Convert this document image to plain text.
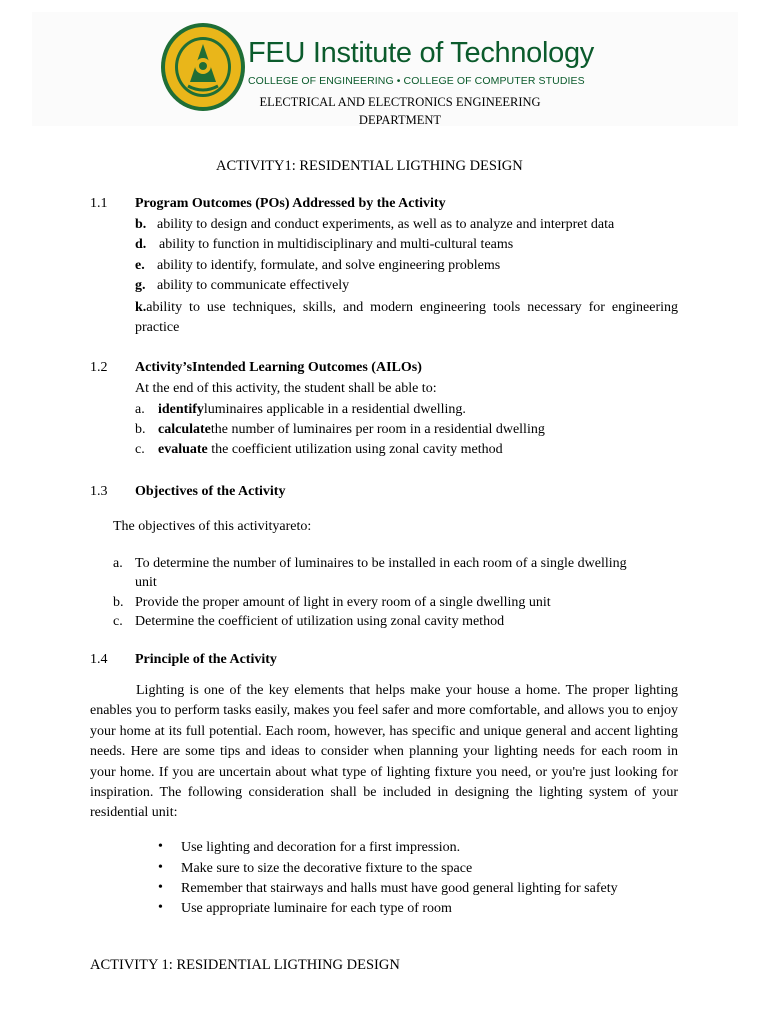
FEU Institute of Technology
COLLEGE OF ENGINEERING • COLLEGE OF COMPUTER STUDIES
ELECTRICAL AND ELECTRONICS ENGINEERING
DEPARTMENT
ACTIVITY1: RESIDENTIAL LIGTHING DESIGN
1.1 Program Outcomes (POs) Addressed by the Activity
b. ability to design and conduct experiments, as well as to analyze and interpret data
d. ability to function in multidisciplinary and multi-cultural teams
e. ability to identify, formulate, and solve engineering problems
g. ability to communicate effectively
k.ability to use techniques, skills, and modern engineering tools necessary for engineering practice
1.2 Activity’sIntended Learning Outcomes (AILOs)
At the end of this activity, the student shall be able to:
a. identifyluminaires applicable in a residential dwelling.
b. calculatethe number of luminaires per room in a residential dwelling
c. evaluate the coefficient utilization using zonal cavity method
1.3 Objectives of the Activity
The objectives of this activityareto:
a. To determine the number of luminaires to be installed in each room of a single dwelling
unit
b. Provide the proper amount of light in every room of a single dwelling unit
c. Determine the coefficient of utilization using zonal cavity method
1.4 Principle of the Activity
Lighting is one of the key elements that helps make your house a home. The proper lighting enables you to perform tasks easily, makes you feel safer and more comfortable, and allows you to enjoy your home at its full potential. Each room, however, has specific and unique general and accent lighting needs. Here are some tips and ideas to consider when planning your lighting needs for each room in your home. If you are uncertain about what type of lighting fixture you need, or you're just looking for inspiration. The following consideration shall be included in designing the lighting system of your residential unit:
• Use lighting and decoration for a first impression.
• Make sure to size the decorative fixture to the space
• Remember that stairways and halls must have good general lighting for safety
• Use appropriate luminaire for each type of room
ACTIVITY 1: RESIDENTIAL LIGTHING DESIGN
